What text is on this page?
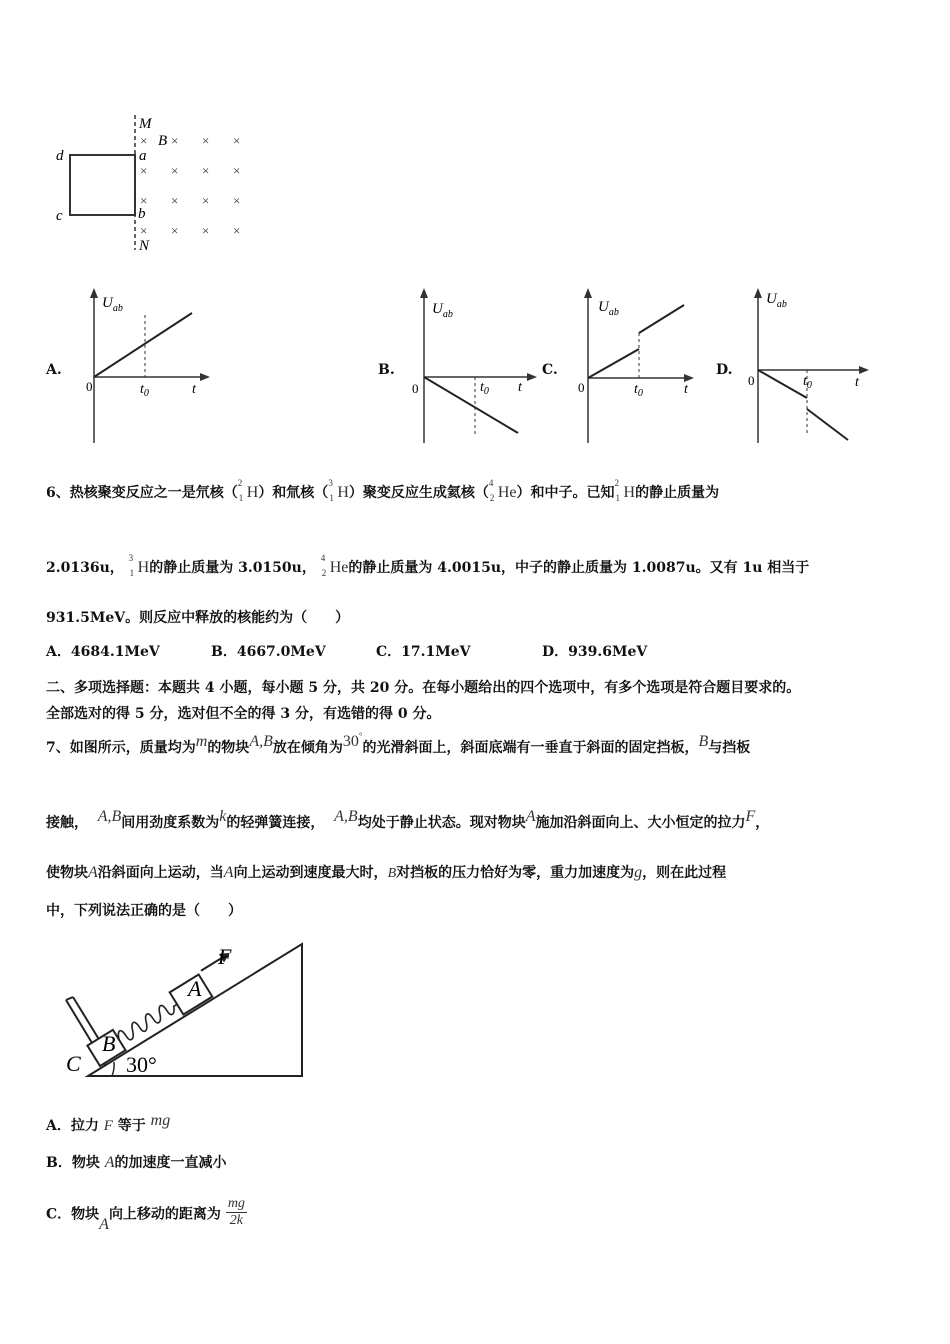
M
N
a
b
c
d
B
× × × ×
× × × ×
× × × ×
× × × ×
A.
$U_{ab}$
0	$t_0$	t
B.
$U_{ab}$
0	$t_0$ t
C.
$U_{ab}$
0	$t_0$	t
D.
$U_{ab}$
0	$t_0$	t
6、热核聚变反应之一是氘核（
2
1 H）和氚核（
3
1 H）聚变反应生成氦核（
4
2 He）和中子。已知
2
1 H的静止质量为
2.0136u，
3
1 H的静止质量为 3.0150u，
4
2 He的静止质量为 4.0015u，中子的静止质量为 1.0087u。又有 1u 相当于
931.5MeV。则反应中释放的核能约为（　　）
A．4684.1MeV	B．4667.0MeV	C．17.1MeV	D．939.6MeV
二、多项选择题：本题共 4 小题，每小题 5 分，共 20 分。在每小题给出的四个选项中，有多个选项是符合题目要求的。
全部选对的得 5 分，选对但不全的得 3 分，有选错的得 0 分。
7、如图所示，质量均为m的物块A,B放在倾角为30°的光滑斜面上，斜面底端有一垂直于斜面的固定挡板，B与挡板
接触， A,B间用劲度系数为k的轻弹簧连接， A,B均处于静止状态。现对物块A施加沿斜面向上、大小恒定的拉力F，
使物块A沿斜面向上运动，当A向上运动到速度最大时，B对挡板的压力恰好为零，重力加速度为g，则在此过程
中，下列说法正确的是（　　）
B
A
F
C 30°
A．拉力 F 等于 mg
B．物块 A的加速度一直减小
C．物块A向上移动的距离为 $\frac{mg}{2k}$
